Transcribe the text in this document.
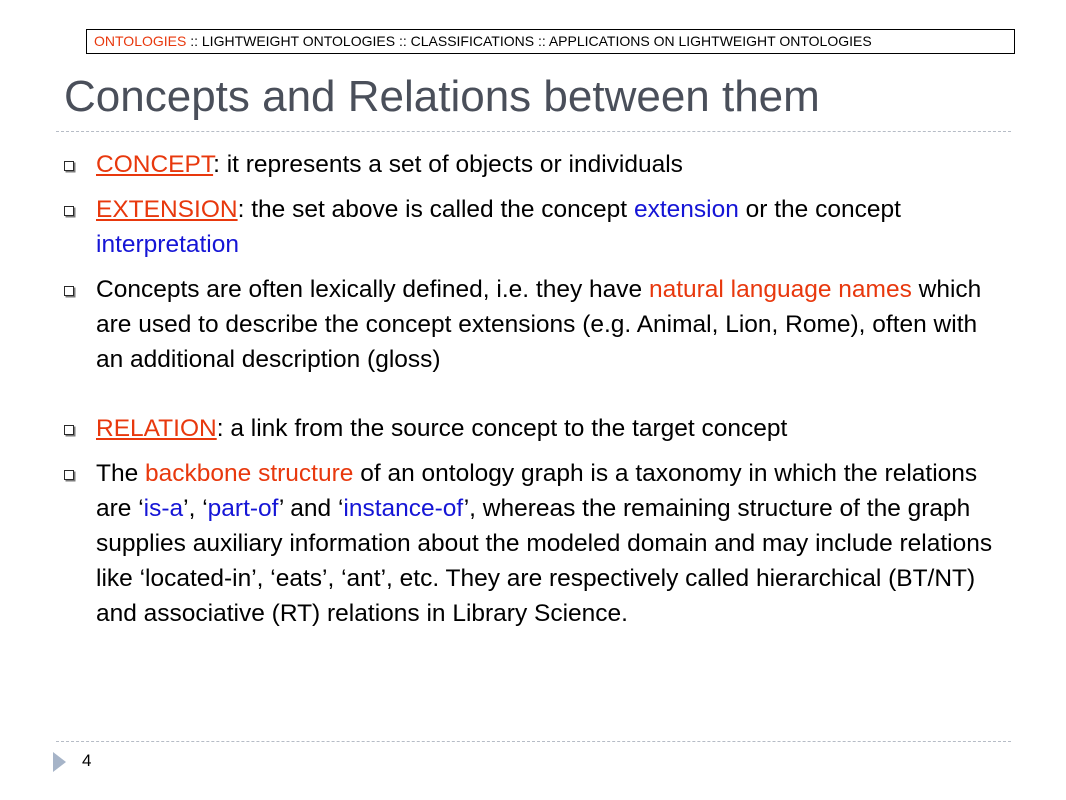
ONTOLOGIES :: LIGHTWEIGHT ONTOLOGIES :: CLASSIFICATIONS :: APPLICATIONS ON LIGHTWEIGHT ONTOLOGIES
Concepts and Relations between them
CONCEPT: it represents a set of objects or individuals
EXTENSION: the set above is called the concept extension or the concept interpretation
Concepts are often lexically defined, i.e. they have natural language names which are used to describe the concept extensions (e.g. Animal, Lion, Rome), often with an additional description (gloss)
RELATION: a link from the source concept to the target concept
The backbone structure of an ontology graph is a taxonomy in which the relations are ‘is-a’, ‘part-of’ and ‘instance-of’, whereas the remaining structure of the graph supplies auxiliary information about the modeled domain and may include relations like ‘located-in’, ‘eats’, ‘ant’, etc. They are respectively called hierarchical (BT/NT) and associative (RT) relations in Library Science.
4
